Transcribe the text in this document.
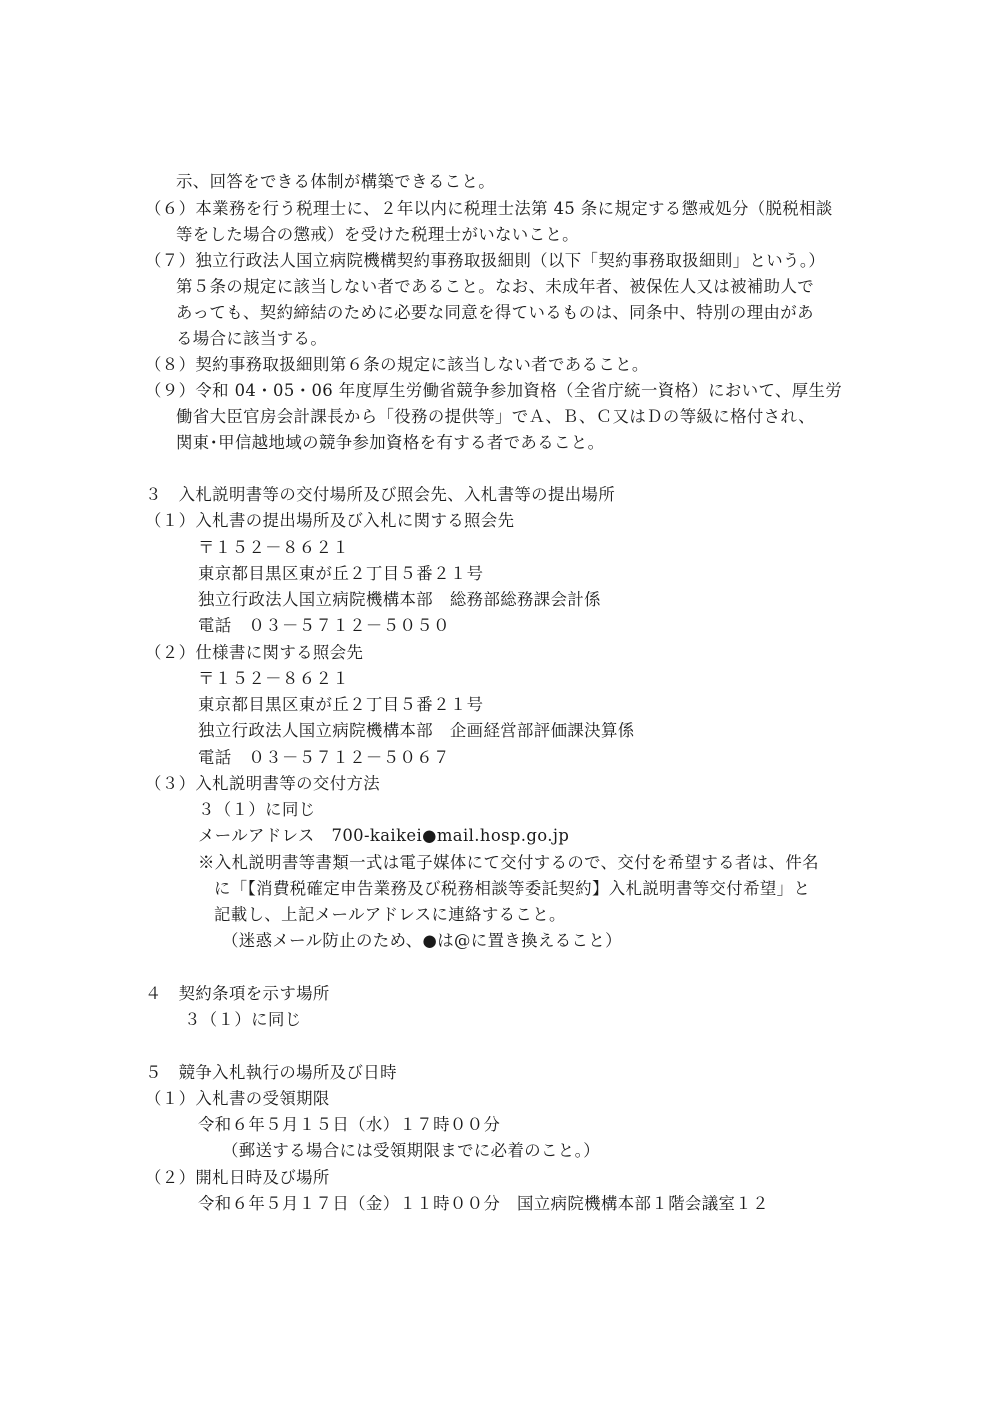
示、回答をできる体制が構築できること。
（６）本業務を行う税理士に、２年以内に税理士法第 45 条に規定する懲戒処分（脱税相談
等をした場合の懲戒）を受けた税理士がいないこと。
（７）独立行政法人国立病院機構契約事務取扱細則（以下「契約事務取扱細則」という。）
第５条の規定に該当しない者であること。なお、未成年者、被保佐人又は被補助人で
あっても、契約締結のために必要な同意を得ているものは、同条中、特別の理由があ
る場合に該当する。
（８）契約事務取扱細則第６条の規定に該当しない者であること。
（９）令和 04・05・06 年度厚生労働省競争参加資格（全省庁統一資格）において、厚生労
働省大臣官房会計課長から「役務の提供等」でＡ、Ｂ、Ｃ又はＤの等級に格付され、
関東･甲信越地域の競争参加資格を有する者であること。
３　入札説明書等の交付場所及び照会先、入札書等の提出場所
（１）入札書の提出場所及び入札に関する照会先
〒１５２－８６２１
東京都目黒区東が丘２丁目５番２１号
独立行政法人国立病院機構本部　総務部総務課会計係
電話　０３－５７１２－５０５０
（２）仕様書に関する照会先
〒１５２－８６２１
東京都目黒区東が丘２丁目５番２１号
独立行政法人国立病院機構本部　企画経営部評価課決算係
電話　０３－５７１２－５０６７
（３）入札説明書等の交付方法
３（１）に同じ
メールアドレス　700-kaikei●mail.hosp.go.jp
※入札説明書等書類一式は電子媒体にて交付するので、交付を希望する者は、件名
に「【消費税確定申告業務及び税務相談等委託契約】入札説明書等交付希望」と
記載し、上記メールアドレスに連絡すること。
（迷惑メール防止のため、●は@に置き換えること）
４　契約条項を示す場所
３（１）に同じ
５　競争入札執行の場所及び日時
（１）入札書の受領期限
令和６年５月１５日（水）１７時００分
（郵送する場合には受領期限までに必着のこと。）
（２）開札日時及び場所
令和６年５月１７日（金）１１時００分　国立病院機構本部１階会議室１２
